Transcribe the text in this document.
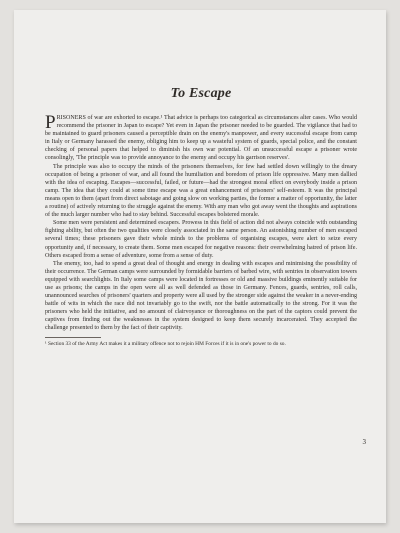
To Escape

PRISONERS of war are exhorted to escape.¹ That advice is perhaps too categorical as circumstances alter cases. Who would recommend the prisoner in Japan to escape? Yet even in Japan the prisoner needed to be guarded. The vigilance that had to be maintained to guard prisoners caused a perceptible drain on the enemy's manpower, and every successful escape from camp in Italy or Germany harassed the enemy, obliging him to keep up a wasteful system of guards, special police, and the constant checking of personal papers that helped to diminish his own war potential. Of an unsuccessful escape a prisoner wrote consolingly, 'The principle was to provide annoyance to the enemy and occupy his garrison reserves'.

The principle was also to occupy the minds of the prisoners themselves, for few had settled down willingly to the dreary occupation of being a prisoner of war, and all found the humiliation and boredom of prison life oppressive. Many men dallied with the idea of escaping. Escapes—successful, failed, or future—had the strongest moral effect on everybody inside a prison camp. The idea that they could at some time escape was a great enhancement of prisoners' self-esteem. It was the principal means open to them (apart from direct sabotage and going slow on working parties, the former a matter of opportunity, the latter a routine) of actively returning to the struggle against the enemy. With any man who got away went the thoughts and aspirations of the much larger number who had to stay behind. Successful escapes bolstered morale.

Some men were persistent and determined escapers. Prowess in this field of action did not always coincide with outstanding fighting ability, but often the two qualities were closely associated in the same person. An astonishing number of men escaped several times; these prisoners gave their whole minds to the problems of organising escapes, were alert to seize every opportunity and, if necessary, to create them. Some men escaped for negative reasons: their overwhelming hatred of prison life. Others escaped from a sense of adventure, some from a sense of duty.

The enemy, too, had to spend a great deal of thought and energy in dealing with escapes and minimising the possibility of their occurrence. The German camps were surrounded by formidable barriers of barbed wire, with sentries in observation towers equipped with searchlights. In Italy some camps were located in fortresses or old and massive buildings eminently suitable for use as prisons; the camps in the open were all as well defended as those in Germany. Fences, guards, sentries, roll calls, unannounced searches of prisoners' quarters and property were all used by the stronger side against the weaker in a never-ending battle of wits in which the race did not invariably go to the swift, nor the battle automatically to the strong. For it was the prisoners who held the initiative, and no amount of clairvoyance or thoroughness on the part of the captors could prevent the captives from finding out the weaknesses in the system designed to keep them securely incarcerated. They accepted the challenge presented to them by the fact of their captivity.

¹ Section 33 of the Army Act makes it a military offence not to rejoin HM Forces if it is in one's power to do so.

3
